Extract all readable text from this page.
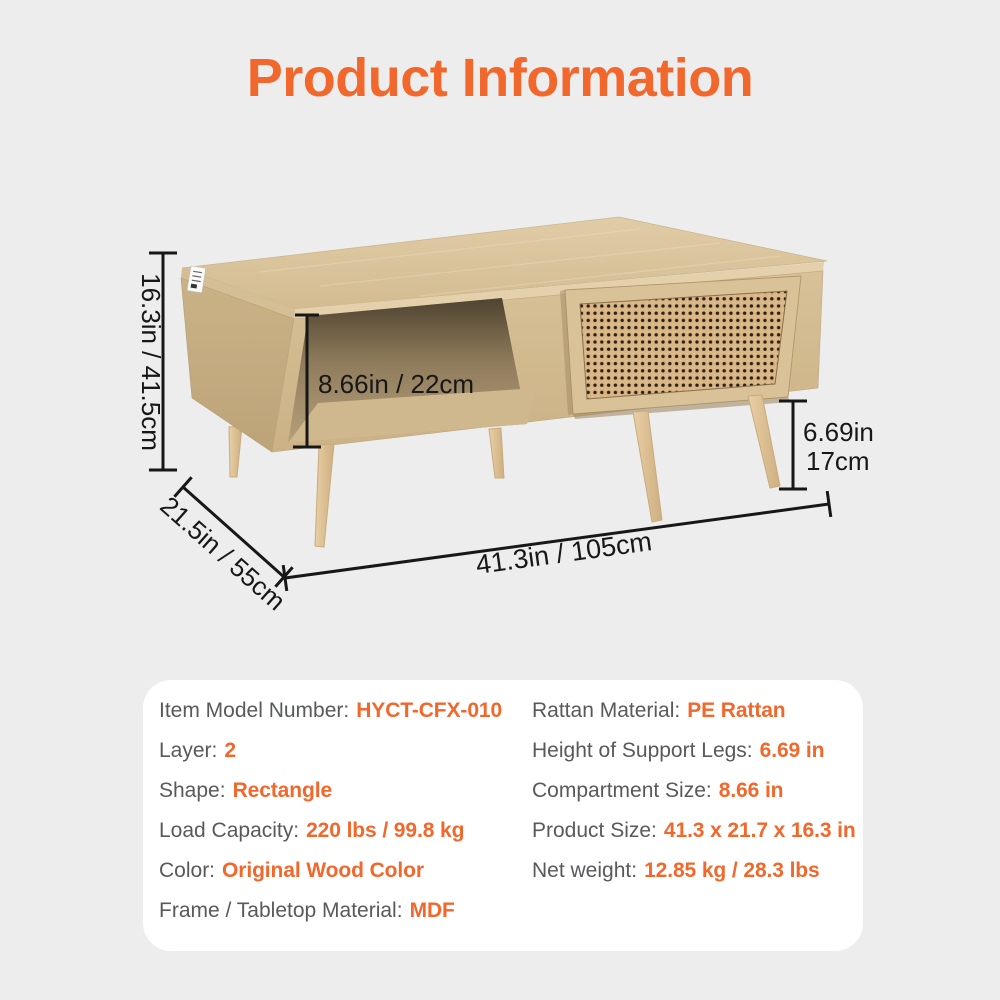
Product Information
16.3in / 41.5cm	8.66in / 22cm
6.69in
17cm
41.3in / 105cm
21.5in / 55cm
Item Model Number: HYCT-CFX-010
Layer: 2
Shape: Rectangle
Load Capacity: 220 lbs / 99.8 kg
Color: Original Wood Color
Frame / Tabletop Material: MDF
Rattan Material: PE Rattan
Height of Support Legs: 6.69 in
Compartment Size: 8.66 in
Product Size: 41.3 x 21.7 x 16.3 in
Net weight: 12.85 kg / 28.3 lbs
